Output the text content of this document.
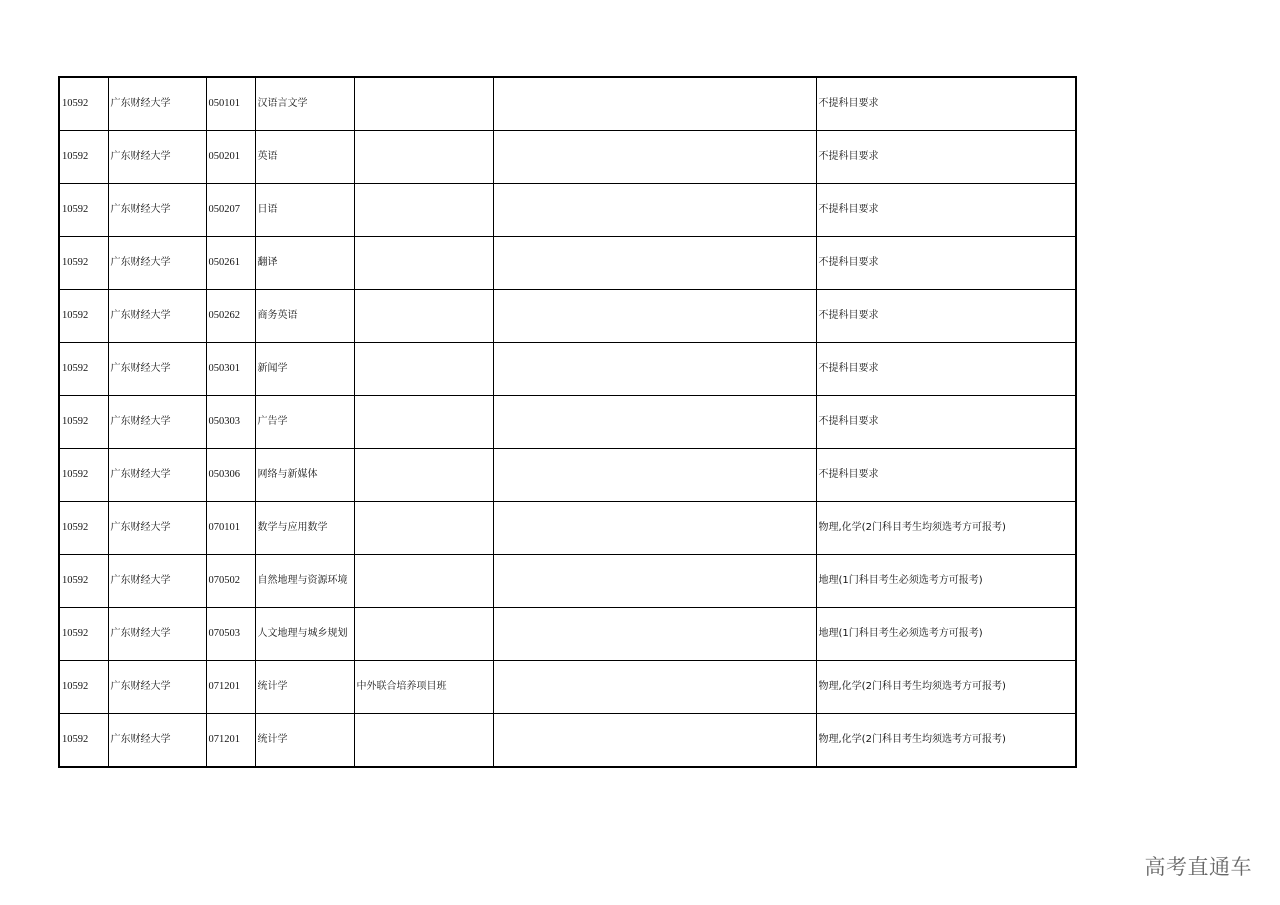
10592	广东财经大学	050101	汉语言文学			不提科目要求
10592	广东财经大学	050201	英语			不提科目要求
10592	广东财经大学	050207	日语			不提科目要求
10592	广东财经大学	050261	翻译			不提科目要求
10592	广东财经大学	050262	商务英语			不提科目要求
10592	广东财经大学	050301	新闻学			不提科目要求
10592	广东财经大学	050303	广告学			不提科目要求
10592	广东财经大学	050306	网络与新媒体			不提科目要求
10592	广东财经大学	070101	数学与应用数学			物理,化学(2门科目考生均须选考方可报考)
10592	广东财经大学	070502	自然地理与资源环境			地理(1门科目考生必须选考方可报考)
10592	广东财经大学	070503	人文地理与城乡规划			地理(1门科目考生必须选考方可报考)
10592	广东财经大学	071201	统计学	中外联合培养项目班		物理,化学(2门科目考生均须选考方可报考)
10592	广东财经大学	071201	统计学			物理,化学(2门科目考生均须选考方可报考)
高考直通车
